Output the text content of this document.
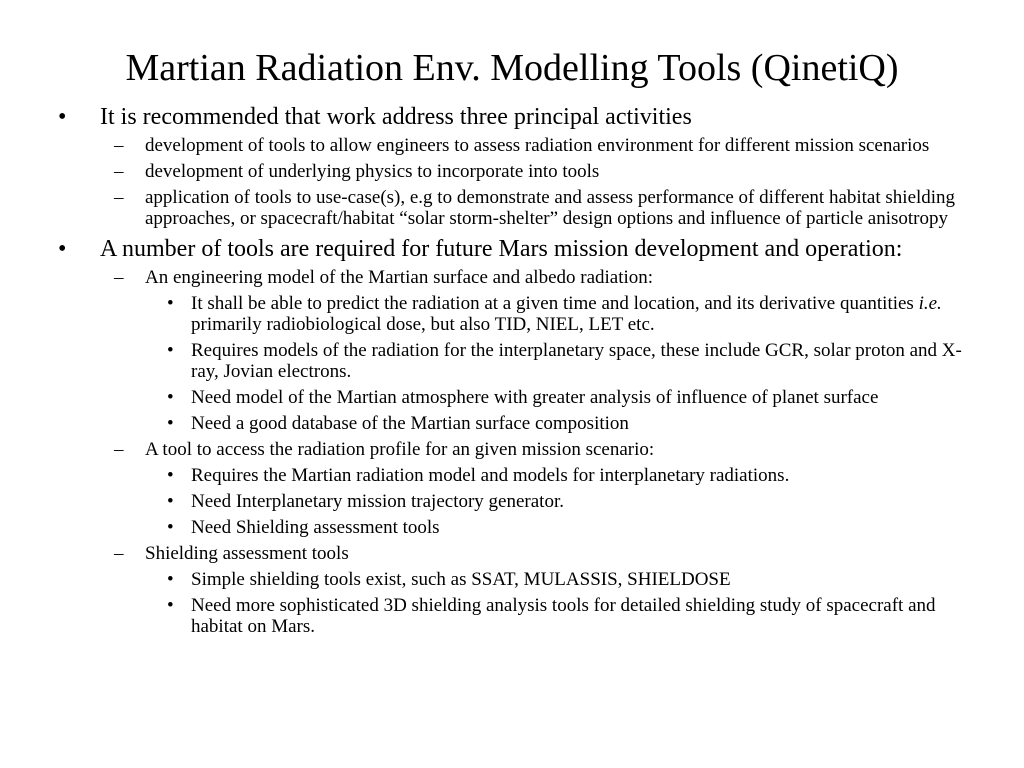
Martian Radiation Env. Modelling Tools (QinetiQ)
• It is recommended that work address three principal activities
– development of tools to allow engineers to assess radiation environment for different mission scenarios
– development of underlying physics to incorporate into tools
– application of tools to use-case(s), e.g to demonstrate and assess performance of different habitat shielding approaches, or spacecraft/habitat “solar storm-shelter” design options and influence of particle anisotropy
• A number of tools are required for future Mars mission development and operation:
– An engineering model of the Martian surface and albedo radiation:
• It shall be able to predict the radiation at a given time and location, and its derivative quantities i.e. primarily radiobiological dose, but also TID, NIEL, LET etc.
• Requires models of the radiation for the interplanetary space, these include GCR, solar proton and X-ray, Jovian electrons.
• Need model of the Martian atmosphere with greater analysis of influence of planet surface
• Need a good database of the Martian surface composition
– A tool to access the radiation profile for an given mission scenario:
• Requires the Martian radiation model and models for interplanetary radiations.
• Need Interplanetary mission trajectory generator.
• Need Shielding assessment tools
– Shielding assessment tools
• Simple shielding tools exist, such as SSAT, MULASSIS, SHIELDOSE
• Need more sophisticated 3D shielding analysis tools for detailed shielding study of spacecraft and habitat on Mars.
